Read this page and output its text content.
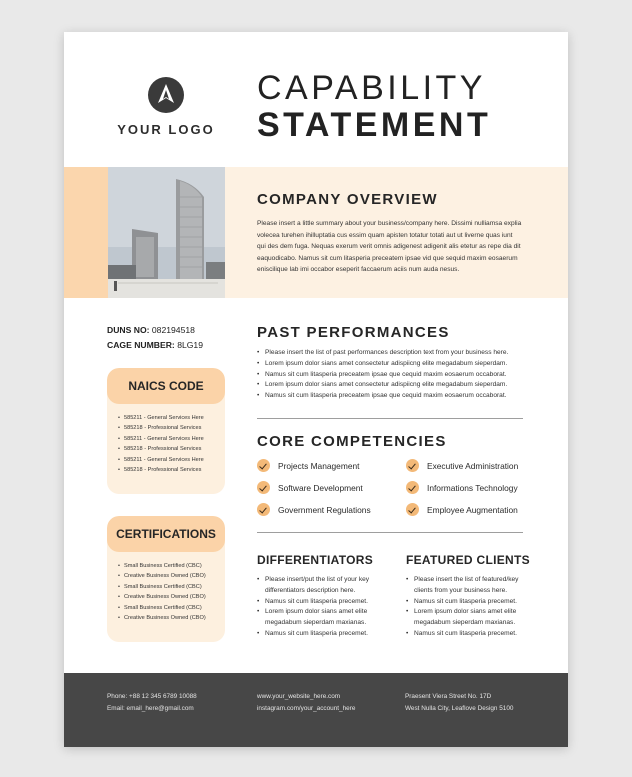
YOUR LOGO
CAPABILITY
STATEMENT
COMPANY OVERVIEW
Please insert a little summary about your business/company here. Dissimi nulliamsa explia volecea turehen ihilluptatia cus essim quam apisten totatur totati aut ut liverne quas iunt qui des dem fuga. Nequas exerum verit omnis adigenest adigenit alis etetur as repe dia dit eaquodicabo. Namus sit cum litasperia preceatem ipsae vid que sequid maxim eosaerum eniscilique lab imi occabor eseperit faccaerum aciis num auda nesus.
DUNS NO: 082194518
CAGE NUMBER: 8LG19
NAICS CODE
• 585211 - General Services Here
• 585218 - Professional Services
• 585211 - General Services Here
• 585218 - Professional Services
• 585211 - General Services Here
• 585218 - Professional Services
CERTIFICATIONS
• Small Business Certified (CBC)
• Creative Business Owned (CBO)
• Small Business Certified (CBC)
• Creative Business Owned (CBO)
• Small Business Certified (CBC)
• Creative Business Owned (CBO)
PAST PERFORMANCES
• Please insert the list of past performances description text from your business here.
• Lorem ipsum dolor sians amet consectetur adispiicng elite megadabum sieperdam.
• Namus sit cum litasperia preceatem ipsae que cequid maxim eosaerum occaborat.
• Lorem ipsum dolor sians amet consectetur adispiicng elite megadabum sieperdam.
• Namus sit cum litasperia preceatem ipsae que cequid maxim eosaerum occaborat.
CORE COMPETENCIES
Projects Management
Software Development
Government Regulations
Executive Administration
Informations Technology
Employee Augmentation
DIFFERENTIATORS
• Please insert/put the list of your key differentiators description here.
• Namus sit cum litasperia precemet.
• Lorem ipsum dolor sians amet elite megadabum sieperdam maxianas.
• Namus sit cum litasperia precemet.
FEATURED CLIENTS
• Please insert the list of featured/key clients from your business here.
• Namus sit cum litasperia precemet.
• Lorem ipsum dolor sians amet elite megadabum sieperdam maxianas.
• Namus sit cum litasperia precemet.
Phone: +88 12 345 6789 10088
Email: email_here@gmail.com
www.your_website_here.com
instagram.com/your_account_here
Praesent Viera Street No. 17D
West Nulla City, Leaflove Design 5100
